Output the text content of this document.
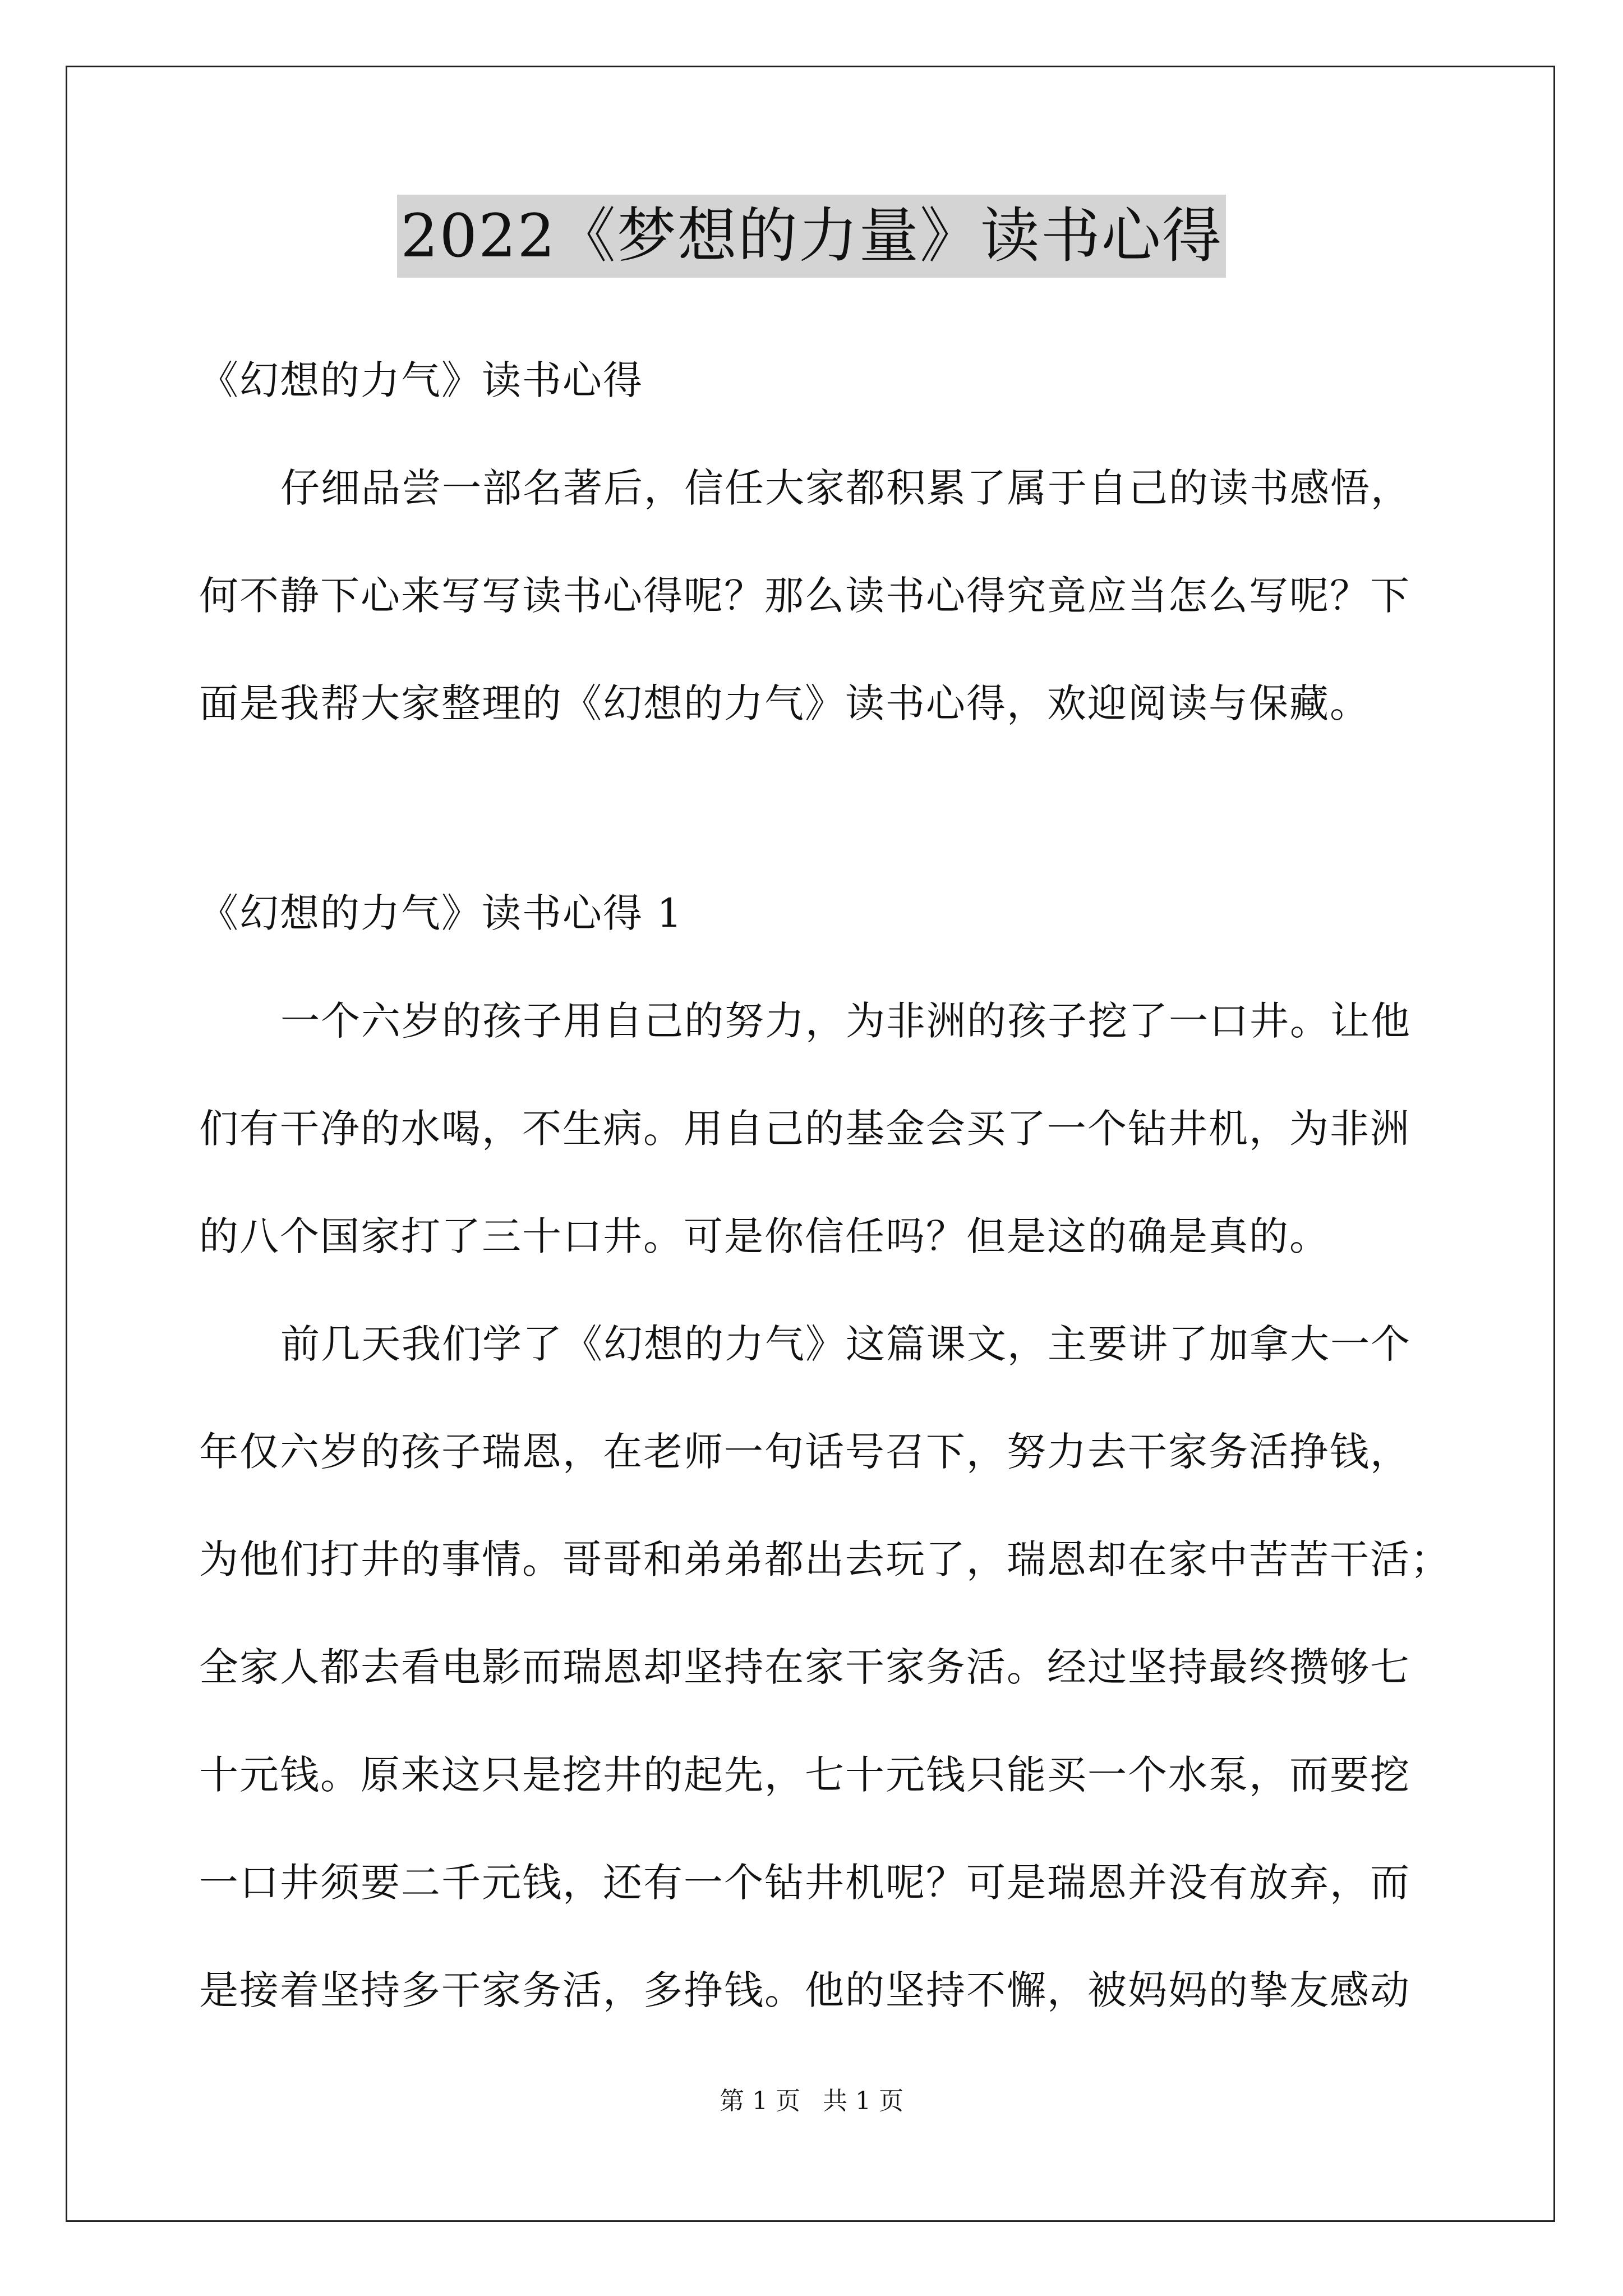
2022《梦想的力量》读书心得
《幻想的力气》读书心得
仔细品尝一部名著后，信任大家都积累了属于自己的读书感悟，
何不静下心来写写读书心得呢？那么读书心得究竟应当怎么写呢？下
面是我帮大家整理的《幻想的力气》读书心得，欢迎阅读与保藏。
《幻想的力气》读书心得 1
一个六岁的孩子用自己的努力，为非洲的孩子挖了一口井。让他
们有干净的水喝，不生病。用自己的基金会买了一个钻井机，为非洲
的八个国家打了三十口井。可是你信任吗？但是这的确是真的。
前几天我们学了《幻想的力气》这篇课文，主要讲了加拿大一个
年仅六岁的孩子瑞恩，在老师一句话号召下，努力去干家务活挣钱，
为他们打井的事情。哥哥和弟弟都出去玩了，瑞恩却在家中苦苦干活；
全家人都去看电影而瑞恩却坚持在家干家务活。经过坚持最终攒够七
十元钱。原来这只是挖井的起先，七十元钱只能买一个水泵，而要挖
一口井须要二千元钱，还有一个钻井机呢？可是瑞恩并没有放弃，而
是接着坚持多干家务活，多挣钱。他的坚持不懈，被妈妈的挚友感动
第 1 页 共 1 页
